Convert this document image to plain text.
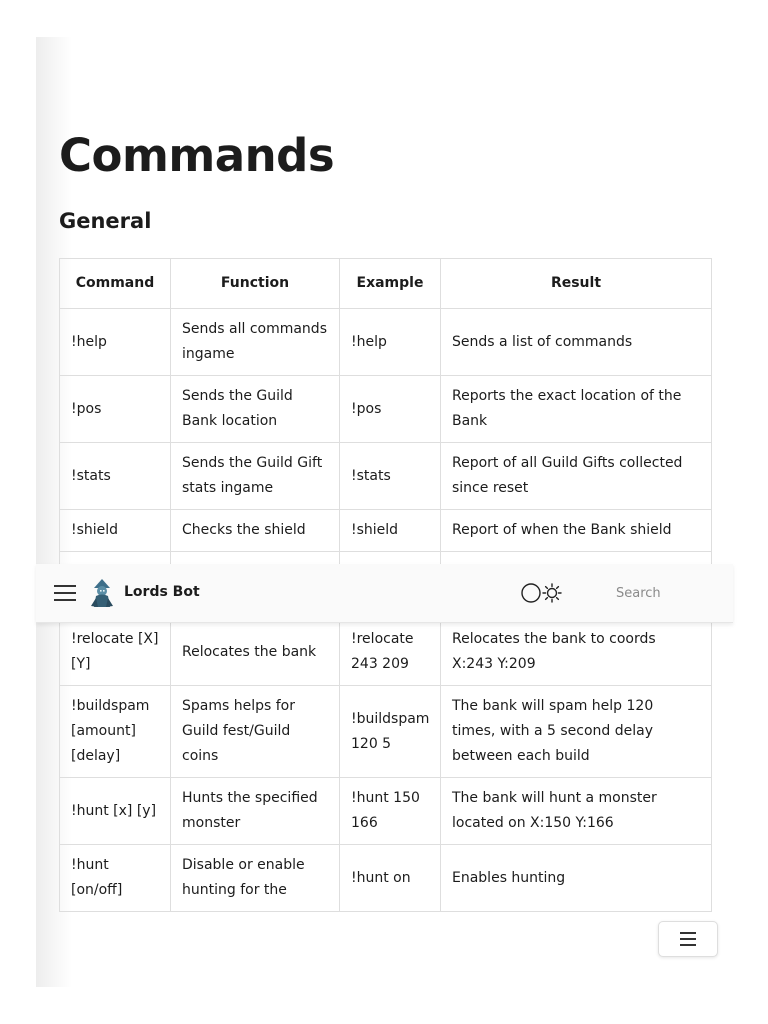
Commands
General
Command	Function	Example	Result
!help	Sends all commands ingame	!help	Sends a list of commands
!pos	Sends the Guild Bank location	!pos	Reports the exact location of the Bank
!stats	Sends the Guild Gift stats ingame	!stats	Report of all Guild Gifts collected since reset
!shield	Checks the shield	!shield	Report of when the Bank shield

!relocate [X] [Y]	Relocates the bank	!relocate 243 209	Relocates the bank to coords X:243 Y:209
!buildspam [amount] [delay]	Spams helps for Guild fest/Guild coins	!buildspam 120 5	The bank will spam help 120 times, with a 5 second delay between each build
!hunt [x] [y]	Hunts the specified monster	!hunt 150 166	The bank will hunt a monster located on X:150 Y:166
!hunt [on/off]	Disable or enable hunting for the	!hunt on	Enables hunting
Lords Bot
Search
